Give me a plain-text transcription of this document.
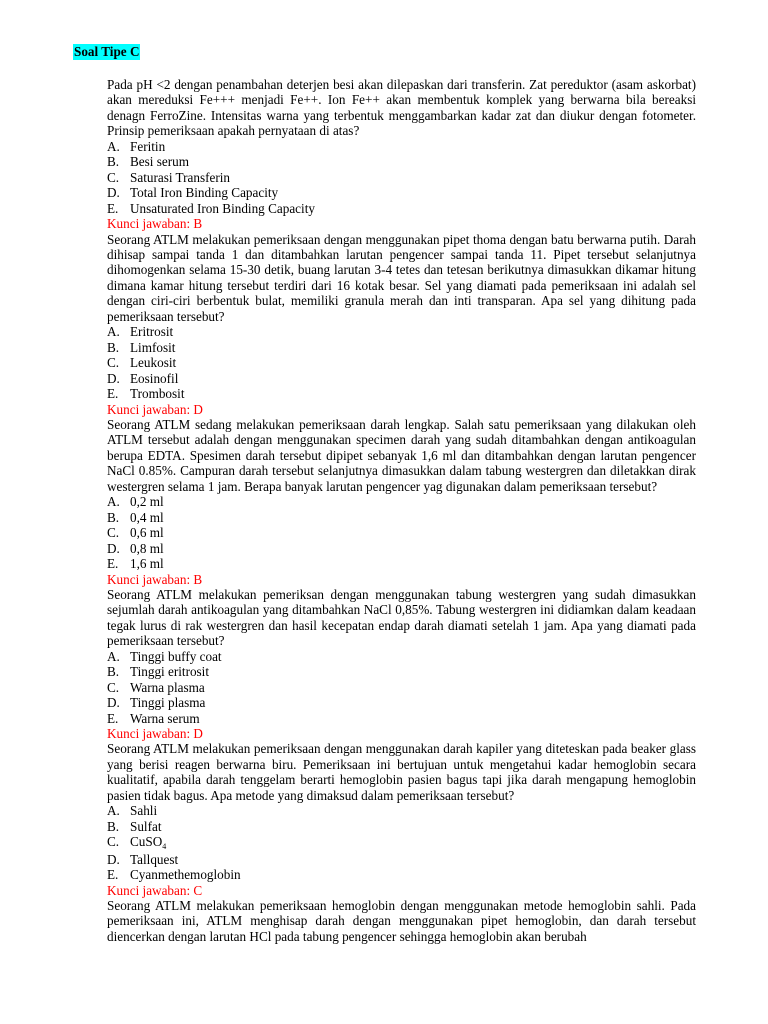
Soal Tipe C

Pada pH <2 dengan penambahan deterjen besi akan dilepaskan dari transferin. Zat pereduktor (asam askorbat) akan mereduksi Fe+++ menjadi Fe++. Ion Fe++ akan membentuk komplek yang berwarna bila bereaksi denagn FerroZine. Intensitas warna yang terbentuk menggambarkan kadar zat dan diukur dengan fotometer. Prinsip pemeriksaan apakah pernyataan di atas?

A. Feritin
B. Besi serum
C. Saturasi Transferin
D. Total Iron Binding Capacity
E. Unsaturated Iron Binding Capacity
Kunci jawaban: B

Seorang ATLM melakukan pemeriksaan dengan menggunakan pipet thoma dengan batu berwarna putih. Darah dihisap sampai tanda 1 dan ditambahkan larutan pengencer sampai tanda 11. Pipet tersebut selanjutnya dihomogenkan selama 15-30 detik, buang larutan 3-4 tetes dan tetesan berikutnya dimasukkan dikamar hitung dimana kamar hitung tersebut terdiri dari 16 kotak besar. Sel yang diamati pada pemeriksaan ini adalah sel dengan ciri-ciri berbentuk bulat, memiliki granula merah dan inti transparan. Apa sel yang dihitung pada pemeriksaan tersebut?

A. Eritrosit
B. Limfosit
C. Leukosit
D. Eosinofil
E. Trombosit
Kunci jawaban: D

Seorang ATLM sedang melakukan pemeriksaan darah lengkap. Salah satu pemeriksaan yang dilakukan oleh ATLM tersebut adalah dengan menggunakan specimen darah yang sudah ditambahkan dengan antikoagulan berupa EDTA. Spesimen darah tersebut dipipet sebanyak 1,6 ml dan ditambahkan dengan larutan pengencer NaCl 0.85%. Campuran darah tersebut selanjutnya dimasukkan dalam tabung westergren dan diletakkan dirak westergren selama 1 jam. Berapa banyak larutan pengencer yag digunakan dalam pemeriksaan tersebut?

A. 0,2 ml
B. 0,4 ml
C. 0,6 ml
D. 0,8 ml
E. 1,6 ml
Kunci jawaban: B

Seorang ATLM melakukan pemeriksan dengan menggunakan tabung westergren yang sudah dimasukkan sejumlah darah antikoagulan yang ditambahkan NaCl 0,85%. Tabung westergren ini didiamkan dalam keadaan tegak lurus di rak westergren dan hasil kecepatan endap darah diamati setelah 1 jam. Apa yang diamati pada pemeriksaan tersebut?

A. Tinggi buffy coat
B. Tinggi eritrosit
C. Warna plasma
D. Tinggi plasma
E. Warna serum
Kunci jawaban: D

Seorang ATLM melakukan pemeriksaan dengan menggunakan darah kapiler yang diteteskan pada beaker glass yang berisi reagen berwarna biru. Pemeriksaan ini bertujuan untuk mengetahui kadar hemoglobin secara kualitatif, apabila darah tenggelam berarti hemoglobin pasien bagus tapi jika darah mengapung hemoglobin pasien tidak bagus. Apa metode yang dimaksud dalam pemeriksaan tersebut?

A. Sahli
B. Sulfat
C. CuSO$_4$
D. Tallquest
E. Cyanmethemoglobin
Kunci jawaban: C

Seorang ATLM melakukan pemeriksaan hemoglobin dengan menggunakan metode hemoglobin sahli. Pada pemeriksaan ini, ATLM menghisap darah dengan menggunakan pipet hemoglobin, dan darah tersebut diencerkan dengan larutan HCl pada tabung pengencer sehingga hemoglobin akan berubah
